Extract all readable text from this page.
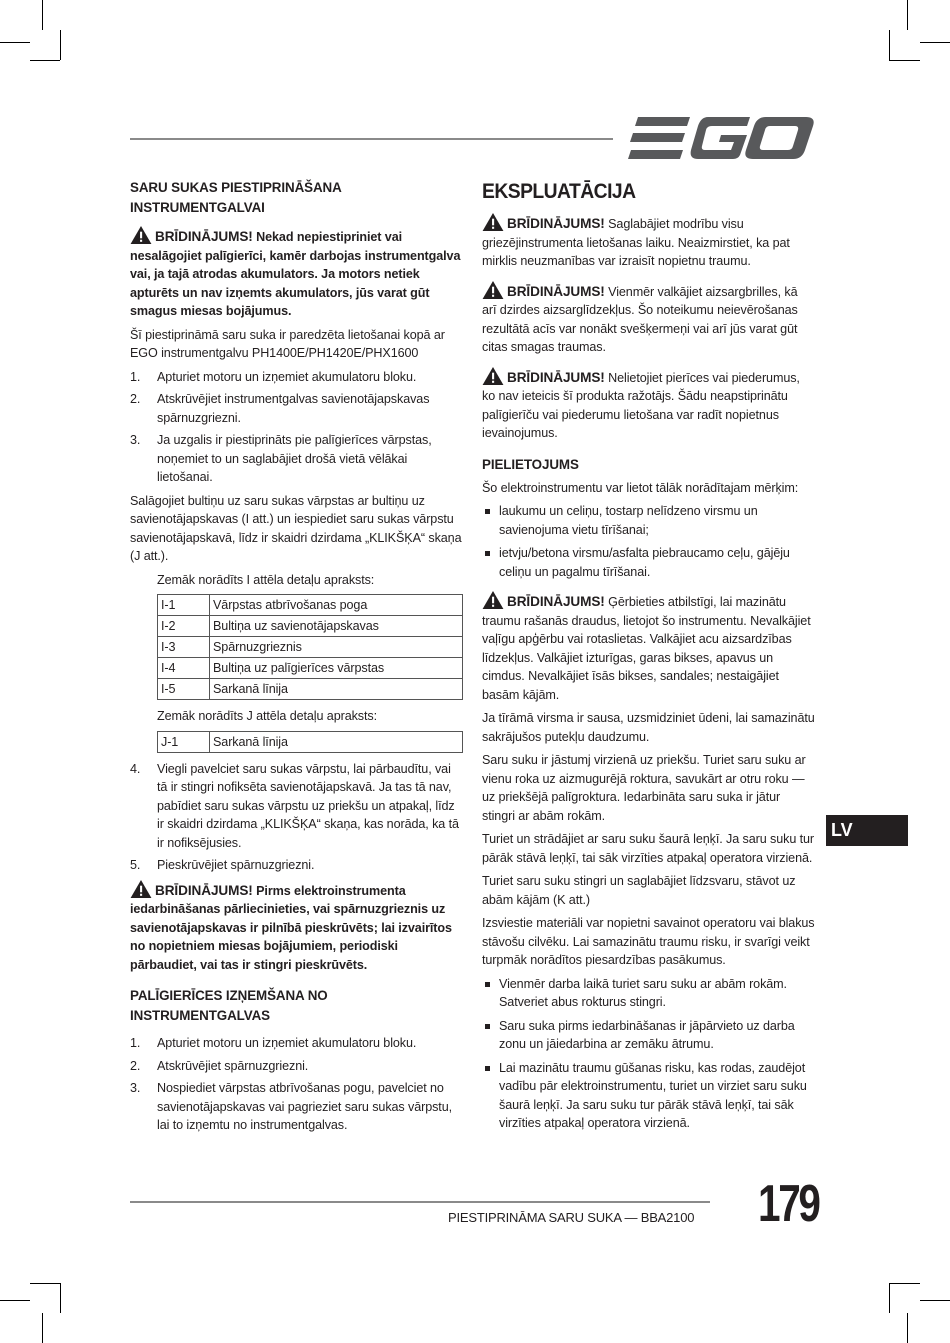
SARU SUKAS PIESTIPRINĀŠANA INSTRUMENTGALVAI

BRĪDINĀJUMS! Nekad nepiestipriniet vai nesalāgojiet palīgierīci, kamēr darbojas instrumentgalva vai, ja tajā atrodas akumulators. Ja motors netiek apturēts un nav izņemts akumulators, jūs varat gūt smagus miesas bojājumus.

Šī piestiprināmā saru suka ir paredzēta lietošanai kopā ar EGO instrumentgalvu PH1400E/PH1420E/PHX1600

1. Apturiet motoru un izņemiet akumulatoru bloku.
2. Atskrūvējiet instrumentgalvas savienotājapskavas spārnuzgriezni.
3. Ja uzgalis ir piestiprināts pie palīgierīces vārpstas, noņemiet to un saglabājiet drošā vietā vēlākai lietošanai.

Salāgojiet bultiņu uz saru sukas vārpstas ar bultiņu uz savienotājapskavas (I att.) un iespiediet saru sukas vārpstu savienotājapskavā, līdz ir skaidri dzirdama „KLIKŠĶA“ skaņa (J att.).

Zemāk norādīts I attēla detaļu apraksts:

I-1	Vārpstas atbrīvošanas poga
I-2	Bultiņa uz savienotājapskavas
I-3	Spārnuzgrieznis
I-4	Bultiņa uz palīgierīces vārpstas
I-5	Sarkanā līnija

Zemāk norādīts J attēla detaļu apraksts:

J-1	Sarkanā līnija
4. Viegli pavelciet saru sukas vārpstu, lai pārbaudītu, vai tā ir stingri nofiksēta savienotājapskavā. Ja tas tā nav, pabīdiet saru sukas vārpstu uz priekšu un atpakaļ, līdz ir skaidri dzirdama „KLIKŠĶA“ skaņa, kas norāda, ka tā ir nofiksējusies.
5. Pieskrūvējiet spārnuzgriezni.

BRĪDINĀJUMS! Pirms elektroinstrumenta iedarbināšanas pārliecinieties, vai spārnuzgrieznis uz savienotājapskavas ir pilnībā pieskrūvēts; lai izvairītos no nopietniem miesas bojājumiem, periodiski pārbaudiet, vai tas ir stingri pieskrūvēts.

PALĪGIERĪCES IZŅEMŠANA NO INSTRUMENTGALVAS
1. Apturiet motoru un izņemiet akumulatoru bloku.
2. Atskrūvējiet spārnuzgriezni.
3. Nospiediet vārpstas atbrīvošanas pogu, pavelciet no savienotājapskavas vai pagrieziet saru sukas vārpstu, lai to izņemtu no instrumentgalvas.
EKSPLUATĀCIJA

BRĪDINĀJUMS! Saglabājiet modrību visu griezējinstrumenta lietošanas laiku. Neaizmirstiet, ka pat mirklis neuzmanības var izraisīt nopietnu traumu.

BRĪDINĀJUMS! Vienmēr valkājiet aizsargbrilles, kā arī dzirdes aizsarglīdzekļus. Šo noteikumu neievērošanas rezultātā acīs var nonākt svešķermeņi vai arī jūs varat gūt citas smagas traumas.

BRĪDINĀJUMS! Nelietojiet pierīces vai piederumus, ko nav ieteicis šī produkta ražotājs. Šādu neapstiprinātu palīgierīču vai piederumu lietošana var radīt nopietnus ievainojumus.

PIELIETOJUMS

Šo elektroinstrumentu var lietot tālāk norādītajam mērķim:

laukumu un celiņu, tostarp nelīdzeno virsmu un savienojuma vietu tīrīšanai;
ietvju/betona virsmu/asfalta piebraucamo ceļu, gājēju celiņu un pagalmu tīrīšanai.

BRĪDINĀJUMS! Ģērbieties atbilstīgi, lai mazinātu traumu rašanās draudus, lietojot šo instrumentu. Nevalkājiet vaļīgu apģērbu vai rotaslietas. Valkājiet acu aizsardzības līdzekļus. Valkājiet izturīgas, garas bikses, apavus un cimdus. Nevalkājiet īsās bikses, sandales; nestaigājiet basām kājām.

Ja tīrāmā virsma ir sausa, uzsmidziniet ūdeni, lai samazinātu sakrājušos putekļu daudzumu.

Saru suku ir jāstumj virzienā uz priekšu. Turiet saru suku ar vienu roka uz aizmugurējā roktura, savukārt ar otru roku — uz priekšējā palīgroktura. Iedarbināta saru suka ir jātur stingri ar abām rokām.

Turiet un strādājiet ar saru suku šaurā leņķī. Ja saru suku tur pārāk stāvā leņķī, tai sāk virzīties atpakaļ operatora virzienā.

Turiet saru suku stingri un saglabājiet līdzsvaru, stāvot uz abām kājām (K att.)

Izsviestie materiāli var nopietni savainot operatoru vai blakus stāvošu cilvēku. Lai samazinātu traumu risku, ir svarīgi veikt turpmāk norādītos piesardzības pasākumus.

Vienmēr darba laikā turiet saru suku ar abām rokām. Satveriet abus rokturus stingri.
Saru suka pirms iedarbināšanas ir jāpārvieto uz darba zonu un jāiedarbina ar zemāku ātrumu.
Lai mazinātu traumu gūšanas risku, kas rodas, zaudējot vadību pār elektroinstrumentu, turiet un virziet saru suku šaurā leņķī. Ja saru suku tur pārāk stāvā leņķī, tai sāk virzīties atpakaļ operatora virzienā.
LV
PIESTIPRINĀMA SARU SUKA — BBA2100 179
